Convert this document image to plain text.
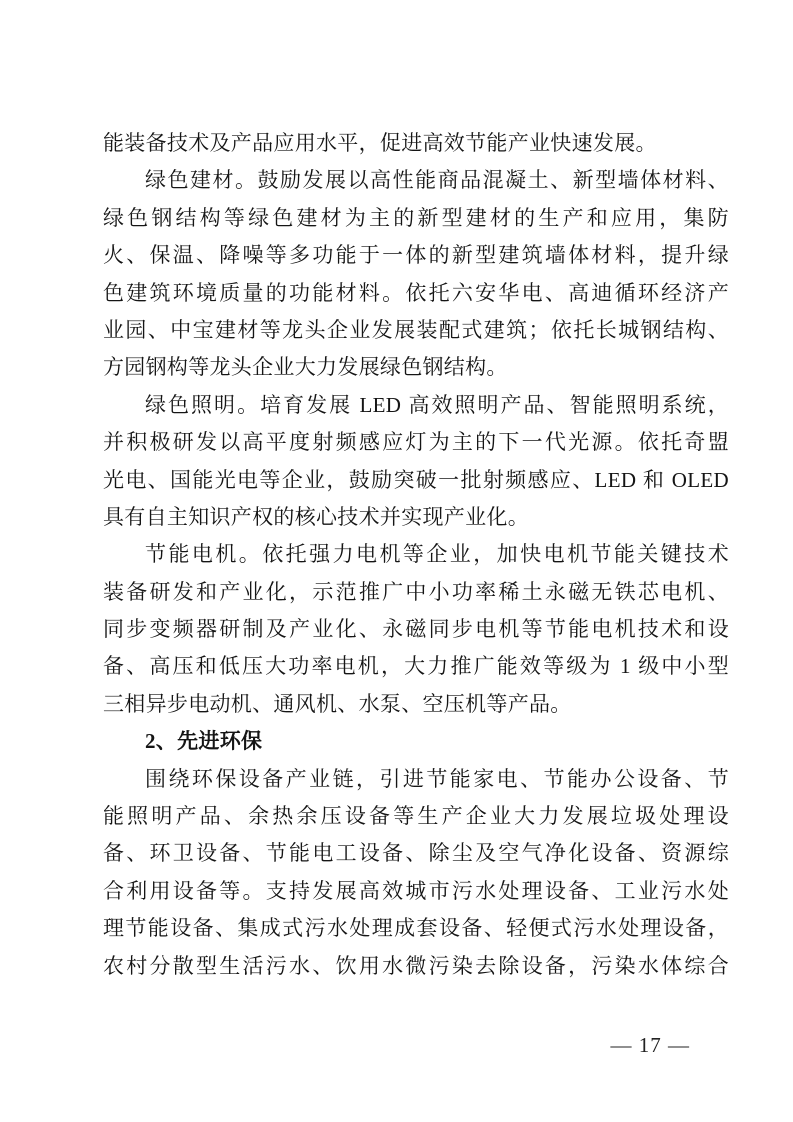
能装备技术及产品应用水平，促进高效节能产业快速发展。
绿色建材。鼓励发展以高性能商品混凝土、新型墙体材料、
绿色钢结构等绿色建材为主的新型建材的生产和应用，集防
火、保温、降噪等多功能于一体的新型建筑墙体材料，提升绿
色建筑环境质量的功能材料。依托六安华电、高迪循环经济产
业园、中宝建材等龙头企业发展装配式建筑；依托长城钢结构、
方园钢构等龙头企业大力发展绿色钢结构。
绿色照明。培育发展 LED 高效照明产品、智能照明系统，
并积极研发以高平度射频感应灯为主的下一代光源。依托奇盟
光电、国能光电等企业，鼓励突破一批射频感应、LED 和 OLED
具有自主知识产权的核心技术并实现产业化。
节能电机。依托强力电机等企业，加快电机节能关键技术
装备研发和产业化，示范推广中小功率稀土永磁无铁芯电机、
同步变频器研制及产业化、永磁同步电机等节能电机技术和设
备、高压和低压大功率电机，大力推广能效等级为 1 级中小型
三相异步电动机、通风机、水泵、空压机等产品。
2、先进环保
围绕环保设备产业链，引进节能家电、节能办公设备、节
能照明产品、余热余压设备等生产企业大力发展垃圾处理设
备、环卫设备、节能电工设备、除尘及空气净化设备、资源综
合利用设备等。支持发展高效城市污水处理设备、工业污水处
理节能设备、集成式污水处理成套设备、轻便式污水处理设备，
农村分散型生活污水、饮用水微污染去除设备，污染水体综合
— 17 —
